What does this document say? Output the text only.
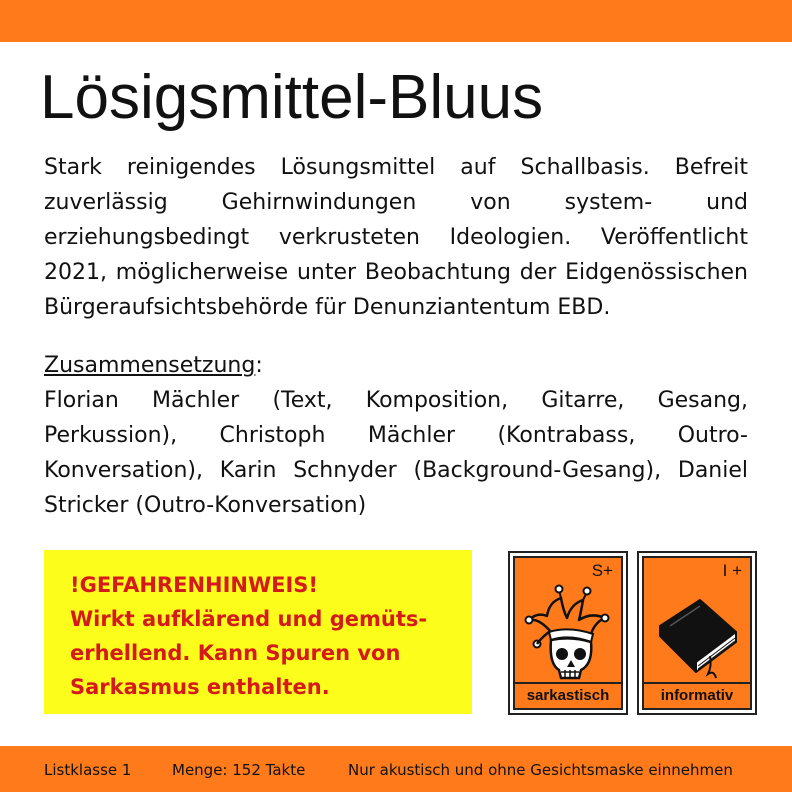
Lösigsmittel-Bluus
Stark reinigendes Lösungsmittel auf Schallbasis. Befreit zuverlässig Gehirnwindungen von system- und erziehungsbedingt verkrusteten Ideologien. Veröffentlicht 2021, möglicherweise unter Beobachtung der Eidgenössischen Bürgeraufsichtsbehörde für Denunziantentum EBD.
Zusammensetzung:
Florian Mächler (Text, Komposition, Gitarre, Gesang, Perkussion), Christoph Mächler (Kontrabass, Outro-Konversation), Karin Schnyder (Background-Gesang), Daniel Stricker (Outro-Konversation)
!GEFAHRENHINWEIS!
Wirkt aufklärend und gemüts-
erhellend. Kann Spuren von
Sarkasmus enthalten.
S+
sarkastisch
I +
informativ
Listklasse 1	Menge: 152 Takte	Nur akustisch und ohne Gesichtsmaske einnehmen
